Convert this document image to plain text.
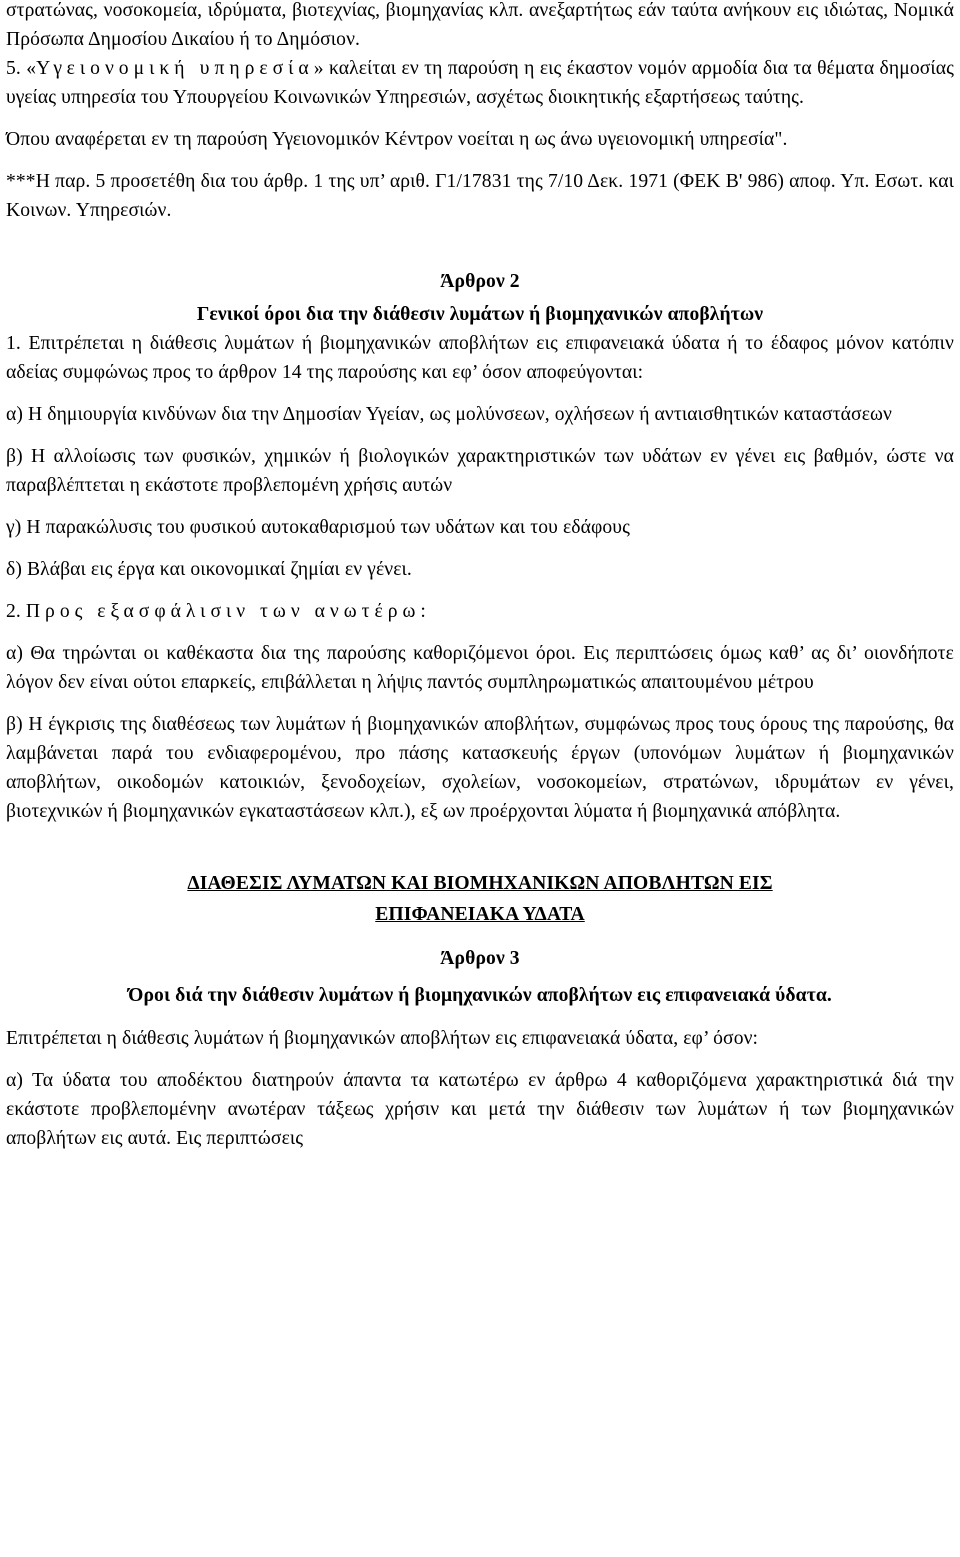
στρατώνας, νοσοκομεία, ιδρύματα, βιοτεχνίας, βιομηχανίας κλπ. ανεξαρτήτως εάν ταύτα ανήκουν εις ιδιώτας, Νομικά Πρόσωπα Δημοσίου Δικαίου ή το Δημόσιον.

5. «Υγειονομική υπηρεσία» καλείται εν τη παρούση η εις έκαστον νομόν αρμοδία δια τα θέματα δημοσίας υγείας υπηρεσία του Υπουργείου Κοινωνικών Υπηρεσιών, ασχέτως διοικητικής εξαρτήσεως ταύτης.

Όπου αναφέρεται εν τη παρούση Υγειονομικόν Κέντρον νοείται η ως άνω υγειονομική υπηρεσία".

***Η παρ. 5 προσετέθη δια του άρθρ. 1 της υπ’ αριθ. Γ1/17831 της 7/10 Δεκ. 1971 (ΦΕΚ Β' 986) αποφ. Υπ. Εσωτ. και Κοινων. Υπηρεσιών.

Άρθρον 2

Γενικοί όροι δια την διάθεσιν λυμάτων ή βιομηχανικών αποβλήτων

1. Επιτρέπεται η διάθεσις λυμάτων ή βιομηχανικών αποβλήτων εις επιφανειακά ύδατα ή το έδαφος μόνον κατόπιν αδείας συμφώνως προς το άρθρον 14 της παρούσης και εφ’ όσον αποφεύγονται:

α) Η δημιουργία κινδύνων δια την Δημοσίαν Υγείαν, ως μολύνσεων, οχλήσεων ή αντιαισθητικών καταστάσεων

β) Η αλλοίωσις των φυσικών, χημικών ή βιολογικών χαρακτηριστικών των υδάτων εν γένει εις βαθμόν, ώστε να παραβλέπτεται η εκάστοτε προβλεπομένη χρήσις αυτών

γ) Η παρακώλυσις του φυσικού αυτοκαθαρισμού των υδάτων και του εδάφους

δ) Βλάβαι εις έργα και οικονομικαί ζημίαι εν γένει.

2. Προς εξασφάλισιν των ανωτέρω:

α) Θα τηρώνται οι καθέκαστα δια της παρούσης καθοριζόμενοι όροι. Εις περιπτώσεις όμως καθ’ ας δι’ οιονδήποτε λόγον δεν είναι ούτοι επαρκείς, επιβάλλεται η λήψις παντός συμπληρωματικώς απαιτουμένου μέτρου

β) Η έγκρισις της διαθέσεως των λυμάτων ή βιομηχανικών αποβλήτων, συμφώνως προς τους όρους της παρούσης, θα λαμβάνεται παρά του ενδιαφερομένου, προ πάσης κατασκευής έργων (υπονόμων λυμάτων ή βιομηχανικών αποβλήτων, οικοδομών κατοικιών, ξενοδοχείων, σχολείων, νοσοκομείων, στρατώνων, ιδρυμάτων εν γένει, βιοτεχνικών ή βιομηχανικών εγκαταστάσεων κλπ.), εξ ων προέρχονται λύματα ή βιομηχανικά απόβλητα.

ΔΙΑΘΕΣΙΣ ΛΥΜΑΤΩΝ ΚΑΙ ΒΙΟΜΗΧΑΝΙΚΩΝ ΑΠΟΒΛΗΤΩΝ ΕΙΣ

ΕΠΙΦΑΝΕΙΑΚΑ ΥΔΑΤΑ

Άρθρον 3

Όροι διά την διάθεσιν λυμάτων ή βιομηχανικών αποβλήτων εις επιφανειακά ύδατα.

Επιτρέπεται η διάθεσις λυμάτων ή βιομηχανικών αποβλήτων εις επιφανειακά ύδατα, εφ’ όσον:

α) Τα ύδατα του αποδέκτου διατηρούν άπαντα τα κατωτέρω εν άρθρω 4 καθοριζόμενα χαρακτηριστικά διά την εκάστοτε προβλεπομένην ανωτέραν τάξεως χρήσιν και μετά την διάθεσιν των λυμάτων ή των βιομηχανικών αποβλήτων εις αυτά. Εις περιπτώσεις
